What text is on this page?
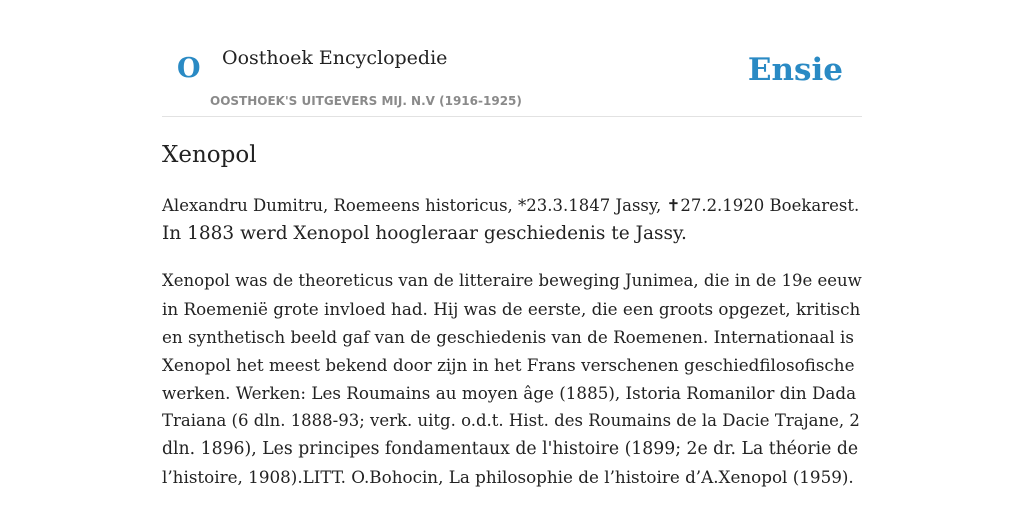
O Oosthoek Encyclopedie
OOSTHOEK'S UITGEVERS MIJ. N.V (1916-1925)
Ensie
Xenopol

Alexandru Dumitru, Roemeens historicus, *23.3.1847 Jassy, ✝27.2.1920 Boekarest.
In 1883 werd Xenopol hoogleraar geschiedenis te Jassy.

Xenopol was de theoreticus van de litteraire beweging Junimea, die in de 19e eeuw
in Roemenië grote invloed had. Hij was de eerste, die een groots opgezet, kritisch
en synthetisch beeld gaf van de geschiedenis van de Roemenen. Internationaal is
Xenopol het meest bekend door zijn in het Frans verschenen geschiedfilosofische
werken. Werken: Les Roumains au moyen âge (1885), Istoria Romanilor din Dada
Traiana (6 dln. 1888-93; verk. uitg. o.d.t. Hist. des Roumains de la Dacie Trajane, 2
dln. 1896), Les principes fondamentaux de l'histoire (1899; 2e dr. La théorie de
l’histoire, 1908).LITT. O.Bohocin, La philosophie de l’histoire d’A.Xenopol (1959).
